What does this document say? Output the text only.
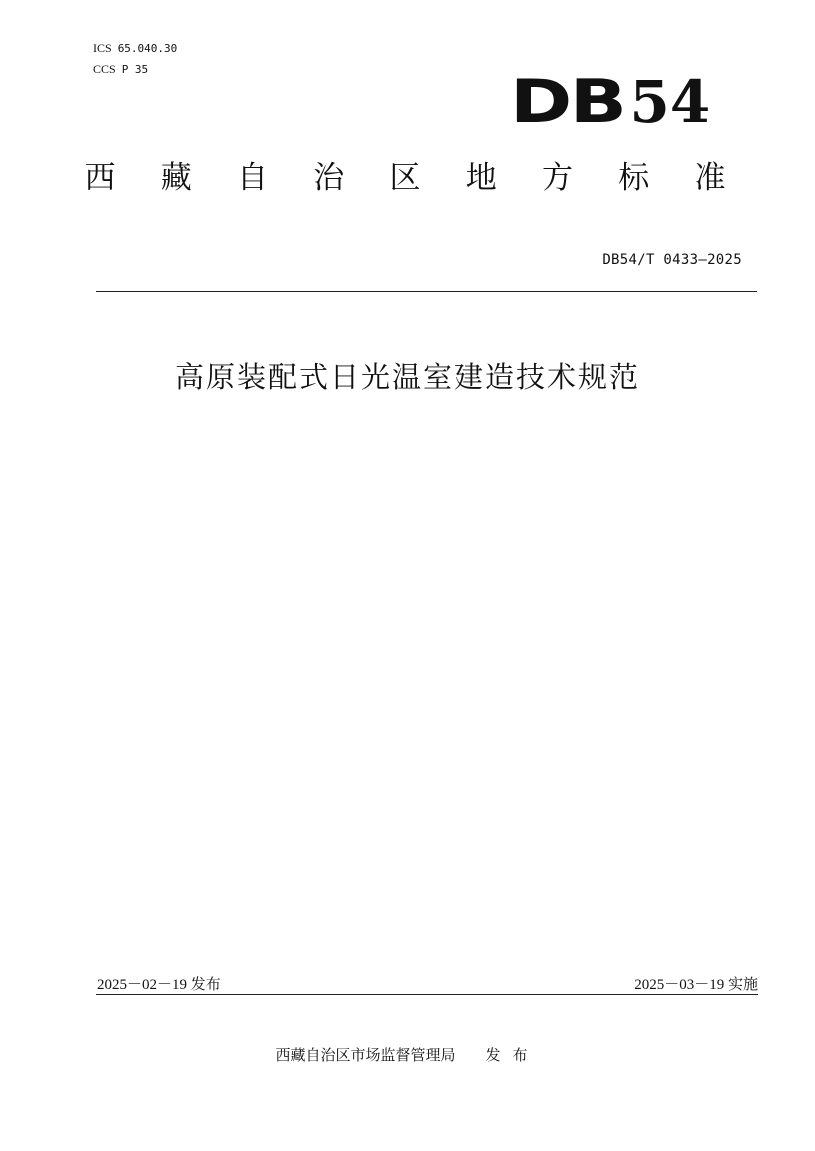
ICS 65.040.30
CCS P 35	DB 54
西 藏 自 治 区 地 方 标 准
DB54/T 0433—2025
高原装配式日光温室建造技术规范
2025－02－19 发布	2025－03－19 实施
西藏自治区市场监督管理局 发布
